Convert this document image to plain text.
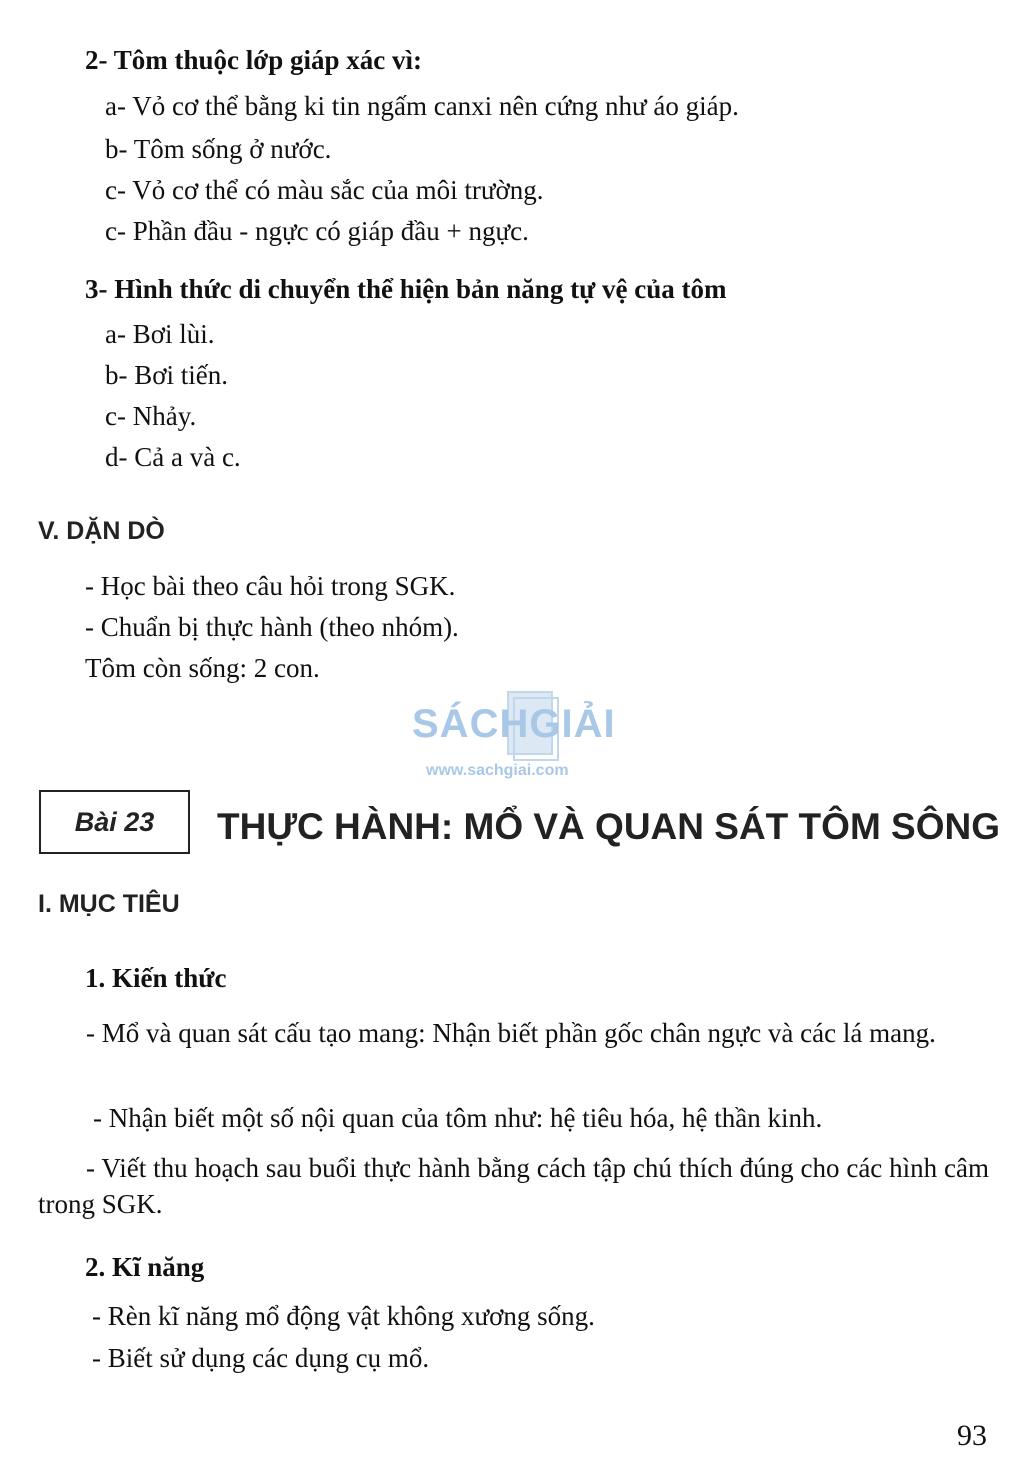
2- Tôm thuộc lớp giáp xác vì:
a- Vỏ cơ thể bằng ki tin ngấm canxi nên cứng như áo giáp.
b- Tôm sống ở nước.
c- Vỏ cơ thể có màu sắc của môi trường.
c- Phần đầu - ngực có giáp đầu + ngực.
3- Hình thức di chuyển thể hiện bản năng tự vệ của tôm
a- Bơi lùi.
b- Bơi tiến.
c- Nhảy.
d- Cả a và c.
V. DẶN DÒ
- Học bài theo câu hỏi trong SGK.
- Chuẩn bị thực hành (theo nhóm).
Tôm còn sống: 2 con.
SÁCHGIẢI
www.sachgiai.com
Bài 23 THỰC HÀNH: MỔ VÀ QUAN SÁT TÔM SÔNG
I. MỤC TIÊU
1. Kiến thức
- Mổ và quan sát cấu tạo mang: Nhận biết phần gốc chân ngực và các lá mang.
- Nhận biết một số nội quan của tôm như: hệ tiêu hóa, hệ thần kinh.
- Viết thu hoạch sau buổi thực hành bằng cách tập chú thích đúng cho các hình câm trong SGK.
2. Kĩ năng
- Rèn kĩ năng mổ động vật không xương sống.
- Biết sử dụng các dụng cụ mổ.
93
